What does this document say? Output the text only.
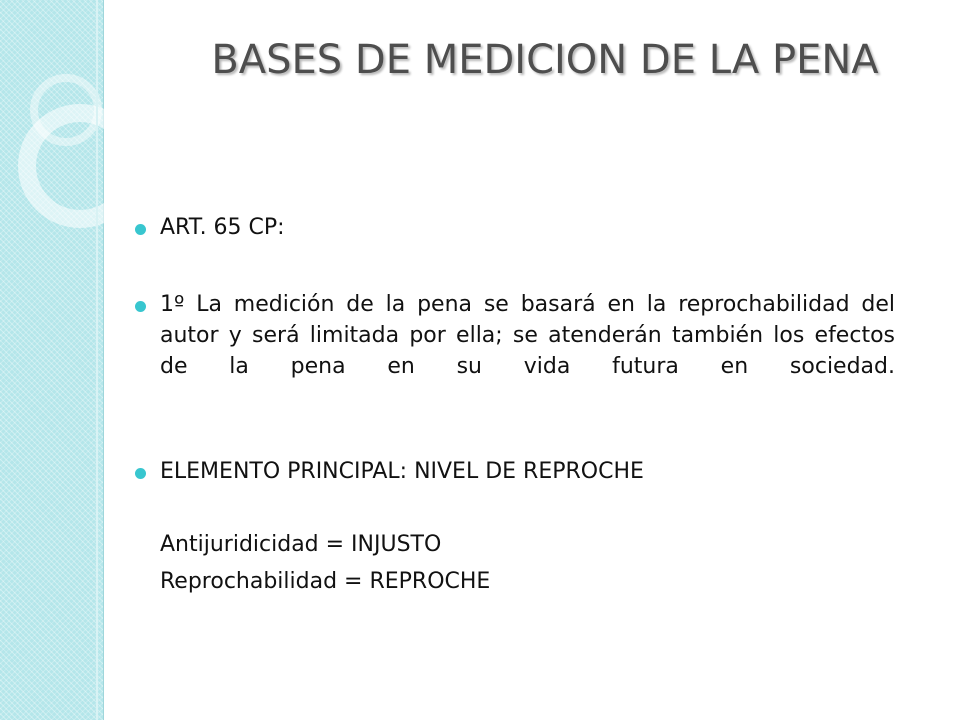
BASES DE MEDICION DE LA PENA
ART. 65 CP:
1º La medición de la pena se basará en la reprochabilidad del autor y será limitada por ella; se atenderán también los efectos de la pena en su vida futura en sociedad.
ELEMENTO PRINCIPAL: NIVEL DE REPROCHE
Antijuridicidad = INJUSTO
Reprochabilidad = REPROCHE
